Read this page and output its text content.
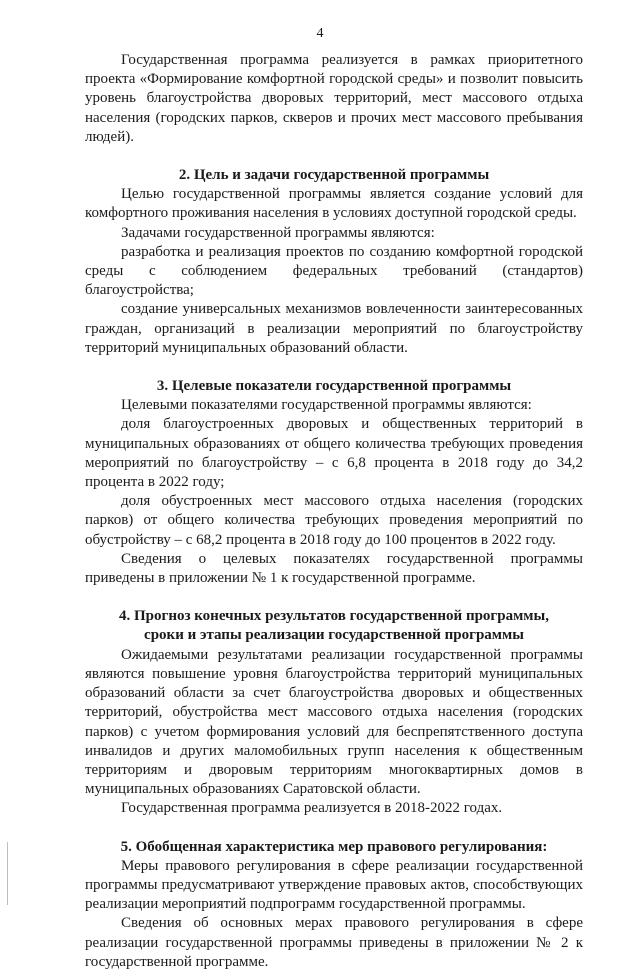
4

Государственная программа реализуется в рамках приоритетного проекта «Формирование комфортной городской среды» и позволит повысить уровень благоустройства дворовых территорий, мест массового отдыха населения (городских парков, скверов и прочих мест массового пребывания людей).

2. Цель и задачи государственной программы

Целью государственной программы является создание условий для комфортного проживания населения в условиях доступной городской среды.

Задачами государственной программы являются:

разработка и реализация проектов по созданию комфортной городской среды с соблюдением федеральных требований (стандартов) благоустройства;

создание универсальных механизмов вовлеченности заинтересованных граждан, организаций в реализации мероприятий по благоустройству территорий муниципальных образований области.

3. Целевые показатели государственной программы

Целевыми показателями государственной программы являются:

доля благоустроенных дворовых и общественных территорий в муниципальных образованиях от общего количества требующих проведения мероприятий по благоустройству – с 6,8 процента в 2018 году до 34,2 процента в 2022 году;

доля обустроенных мест массового отдыха населения (городских парков) от общего количества требующих проведения мероприятий по обустройству – с 68,2 процента в 2018 году до 100 процентов в 2022 году.

Сведения о целевых показателях государственной программы приведены в приложении № 1 к государственной программе.

4. Прогноз конечных результатов государственной программы,
сроки и этапы реализации государственной программы

Ожидаемыми результатами реализации государственной программы являются повышение уровня благоустройства территорий муниципальных образований области за счет благоустройства дворовых и общественных территорий, обустройства мест массового отдыха населения (городских парков) с учетом формирования условий для беспрепятственного доступа инвалидов и других маломобильных групп населения к общественным территориям и дворовым территориям многоквартирных домов в муниципальных образованиях Саратовской области.

Государственная программа реализуется в 2018-2022 годах.

5. Обобщенная характеристика мер правового регулирования:

Меры правового регулирования в сфере реализации государственной программы предусматривают утверждение правовых актов, способствующих реализации мероприятий подпрограмм государственной программы.

Сведения об основных мерах правового регулирования в сфере реализации государственной программы приведены в приложении № 2 к государственной программе.
